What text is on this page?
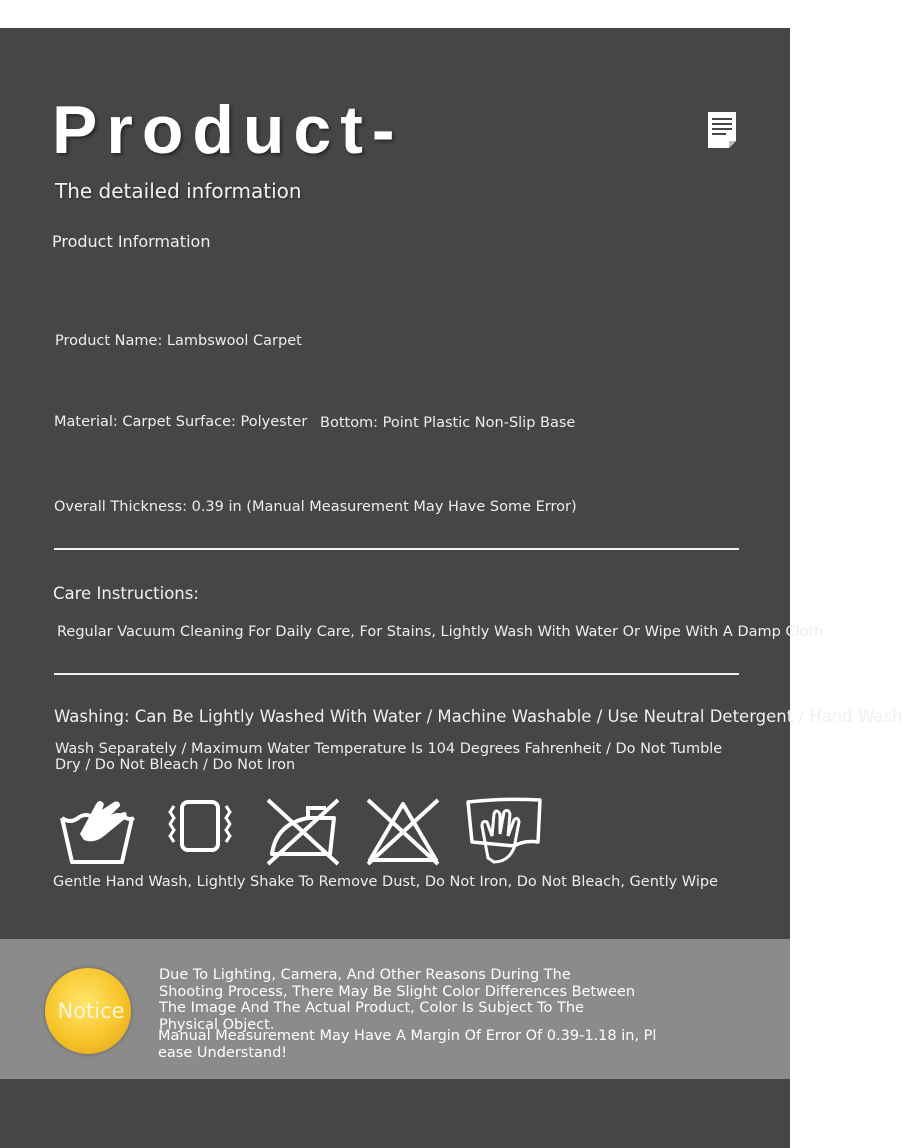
Product-
The detailed information
Product Information
Product Name: Lambswool Carpet
Material: Carpet Surface: Polyester Bottom: Point Plastic Non-Slip Base
Overall Thickness: 0.39 in (Manual Measurement May Have Some Error)
Care Instructions:
Regular Vacuum Cleaning For Daily Care, For Stains, Lightly Wash With Water Or Wipe With A Damp Cloth
Washing: Can Be Lightly Washed With Water / Machine Washable / Use Neutral Detergent / Hand Wash
Wash Separately / Maximum Water Temperature Is 104 Degrees Fahrenheit / Do Not Tumble Dry / Do Not Bleach / Do Not Iron
Gentle Hand Wash, Lightly Shake To Remove Dust, Do Not Iron, Do Not Bleach, Gently Wipe
Notice
Due To Lighting, Camera, And Other Reasons During The Shooting Process, There May Be Slight Color Differences Between The Image And The Actual Product, Color Is Subject To The Physical Object.
Manual Measurement May Have A Margin Of Error Of 0.39-1.18 in, Please Understand!
